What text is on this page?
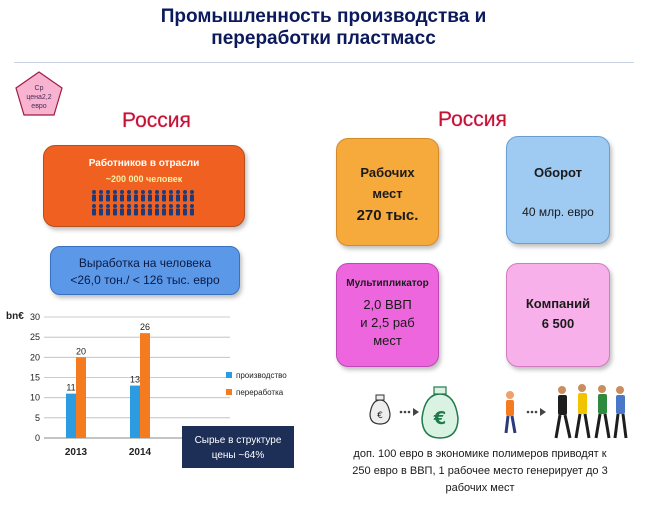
Промышленность производства и
переработки пластмасс
Ср
цена2,2
евро
Россия	Россия
Работников в отрасли
~200 000 человек
Выработка на человека
<26,0 тон./ < 126 тыс. евро
bn€
0
5
10
15
20
25
30
11
20
13
26
2013	2014
производство
переработка
Сырье в структуре
цены ~64%
Рабочих
мест
270 тыс.
Оборот
40 млр. евро
Мультипликатор
2,0 ВВП
и 2,5 раб
мест
Компаний
6 500
€	€
доп. 100 евро в экономике полимеров приводят к
250 евро в ВВП, 1 рабочее место генерирует до 3
рабочих мест
